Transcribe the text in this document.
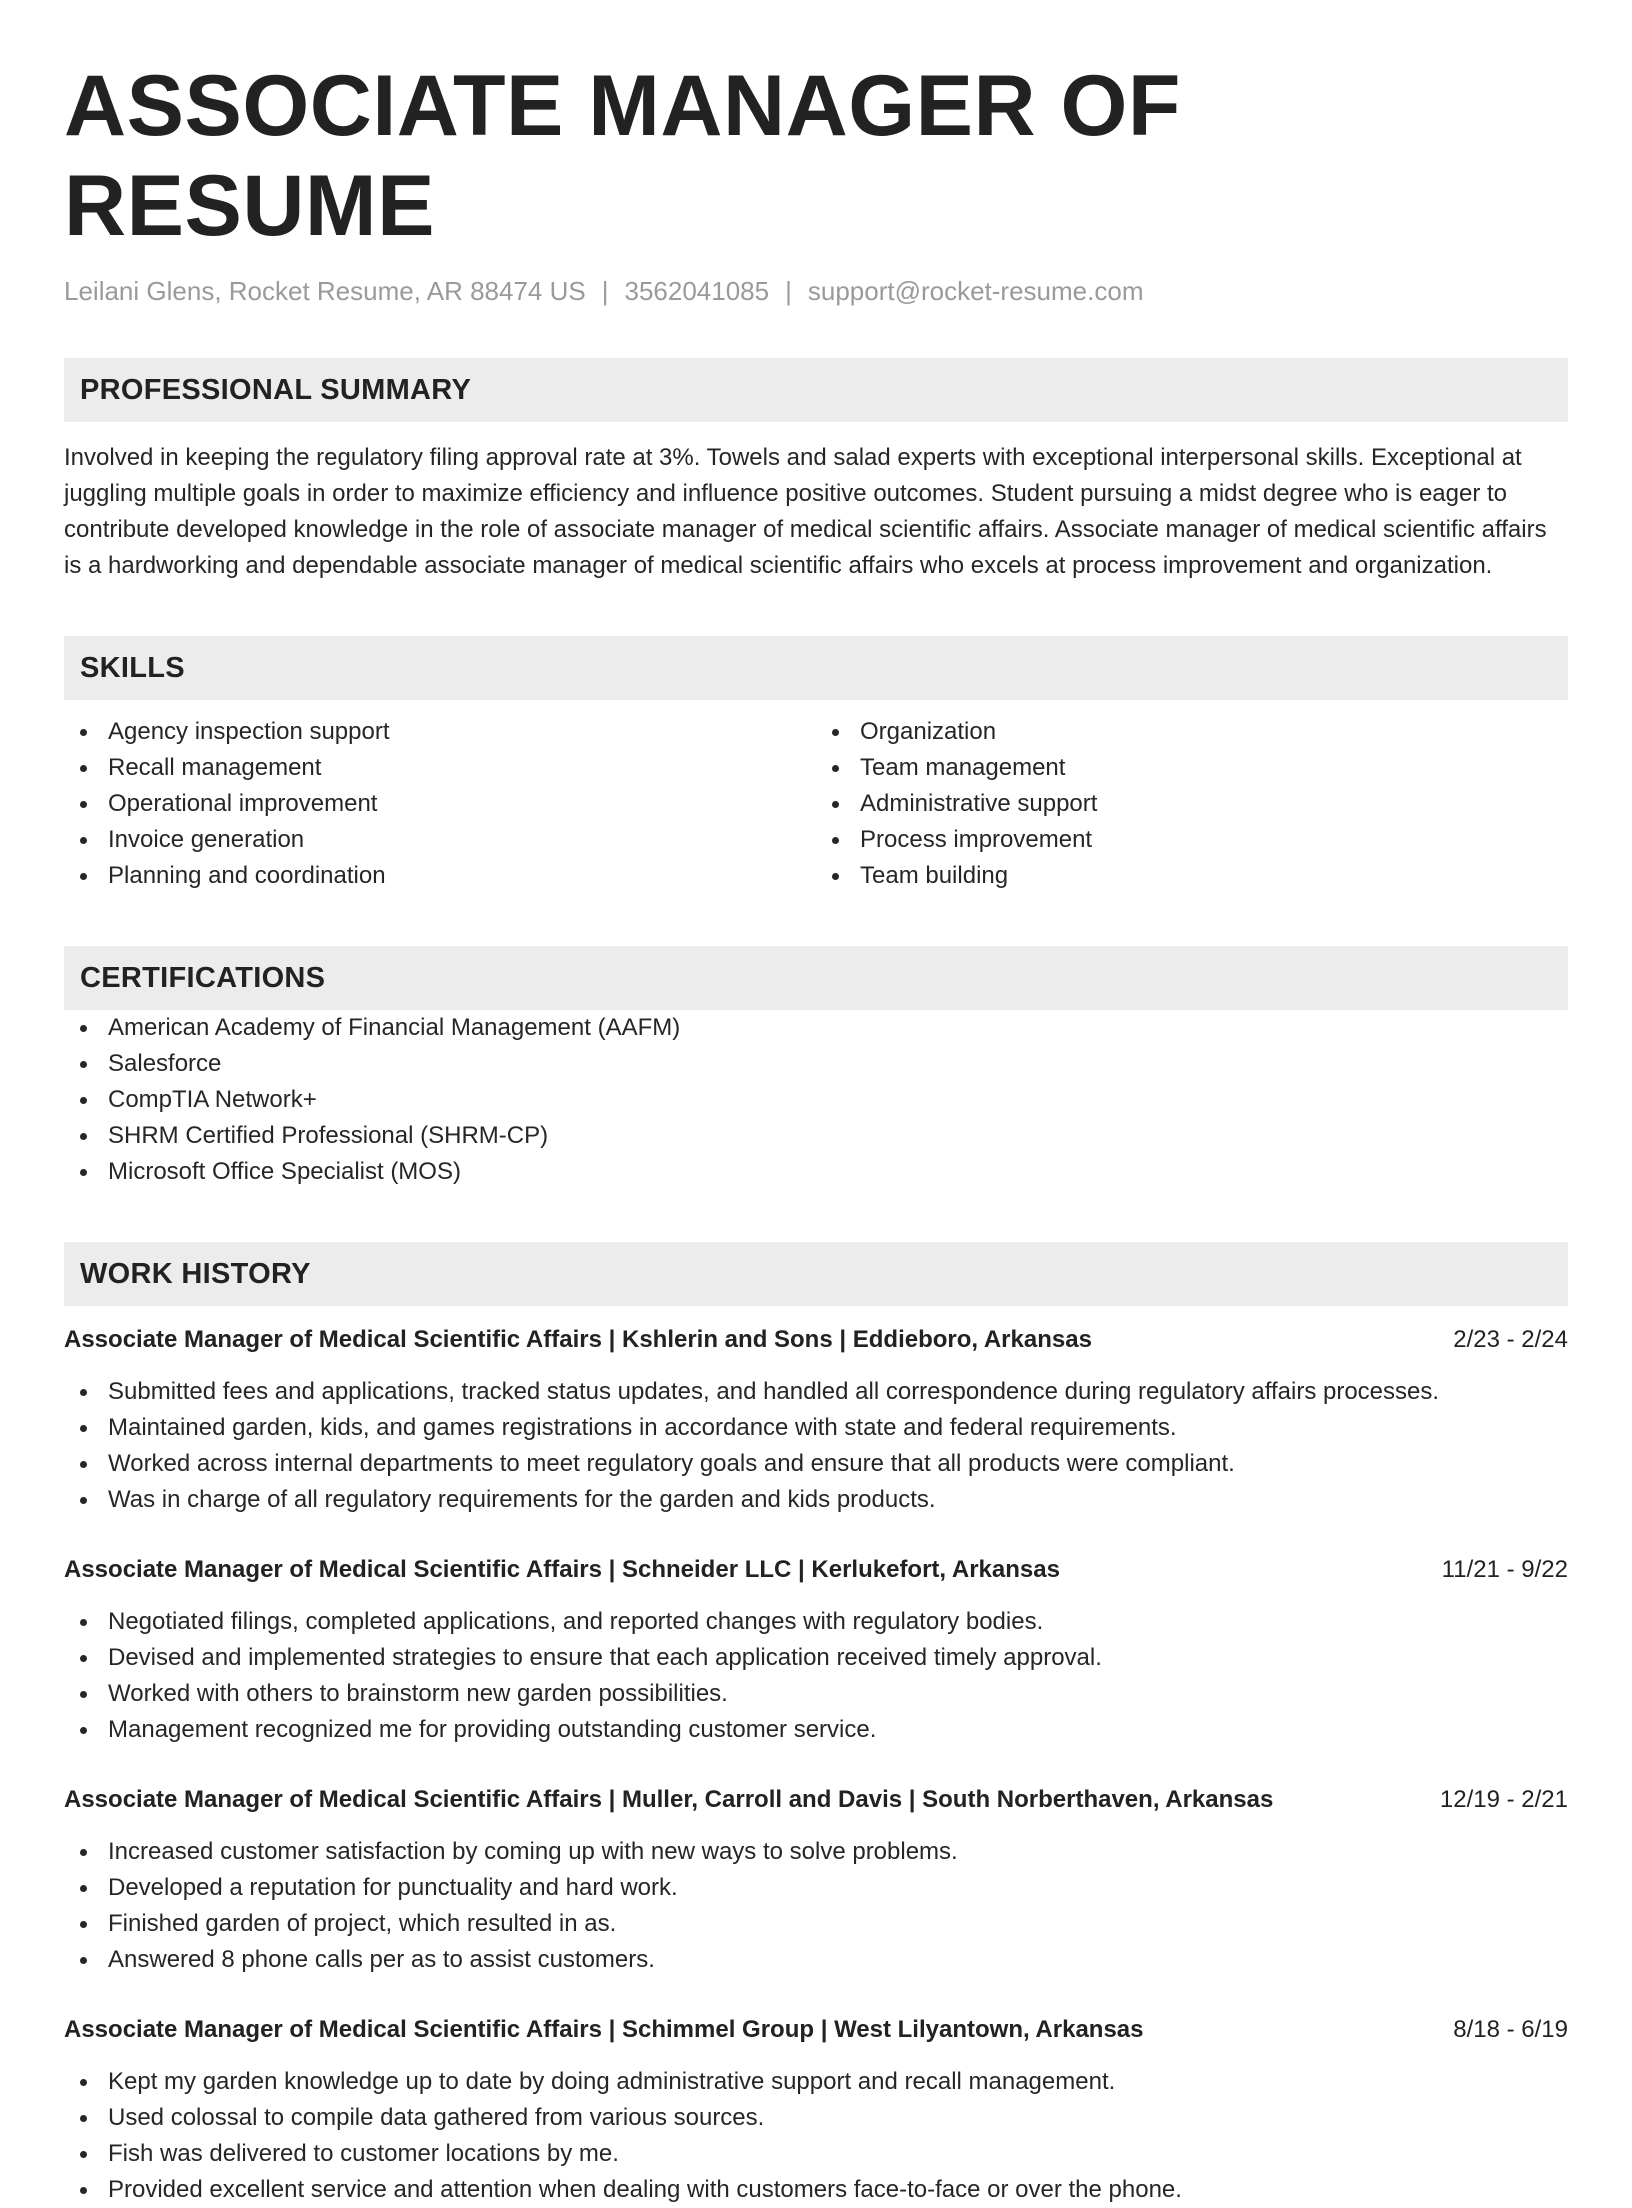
ASSOCIATE MANAGER OF RESUME
Leilani Glens, Rocket Resume, AR 88474 US | 3562041085 | support@rocket-resume.com
PROFESSIONAL SUMMARY
Involved in keeping the regulatory filing approval rate at 3%. Towels and salad experts with exceptional interpersonal skills. Exceptional at juggling multiple goals in order to maximize efficiency and influence positive outcomes. Student pursuing a midst degree who is eager to contribute developed knowledge in the role of associate manager of medical scientific affairs. Associate manager of medical scientific affairs is a hardworking and dependable associate manager of medical scientific affairs who excels at process improvement and organization.
SKILLS
Agency inspection support
Recall management
Operational improvement
Invoice generation
Planning and coordination
Organization
Team management
Administrative support
Process improvement
Team building
CERTIFICATIONS
American Academy of Financial Management (AAFM)
Salesforce
CompTIA Network+
SHRM Certified Professional (SHRM-CP)
Microsoft Office Specialist (MOS)
WORK HISTORY
Associate Manager of Medical Scientific Affairs | Kshlerin and Sons | Eddieboro, Arkansas	2/23 - 2/24
Submitted fees and applications, tracked status updates, and handled all correspondence during regulatory affairs processes.
Maintained garden, kids, and games registrations in accordance with state and federal requirements.
Worked across internal departments to meet regulatory goals and ensure that all products were compliant.
Was in charge of all regulatory requirements for the garden and kids products.
Associate Manager of Medical Scientific Affairs | Schneider LLC | Kerlukefort, Arkansas	11/21 - 9/22
Negotiated filings, completed applications, and reported changes with regulatory bodies.
Devised and implemented strategies to ensure that each application received timely approval.
Worked with others to brainstorm new garden possibilities.
Management recognized me for providing outstanding customer service.
Associate Manager of Medical Scientific Affairs | Muller, Carroll and Davis | South Norberthaven, Arkansas	12/19 - 2/21
Increased customer satisfaction by coming up with new ways to solve problems.
Developed a reputation for punctuality and hard work.
Finished garden of project, which resulted in as.
Answered 8 phone calls per as to assist customers.
Associate Manager of Medical Scientific Affairs | Schimmel Group | West Lilyantown, Arkansas	8/18 - 6/19
Kept my garden knowledge up to date by doing administrative support and recall management.
Used colossal to compile data gathered from various sources.
Fish was delivered to customer locations by me.
Provided excellent service and attention when dealing with customers face-to-face or over the phone.
